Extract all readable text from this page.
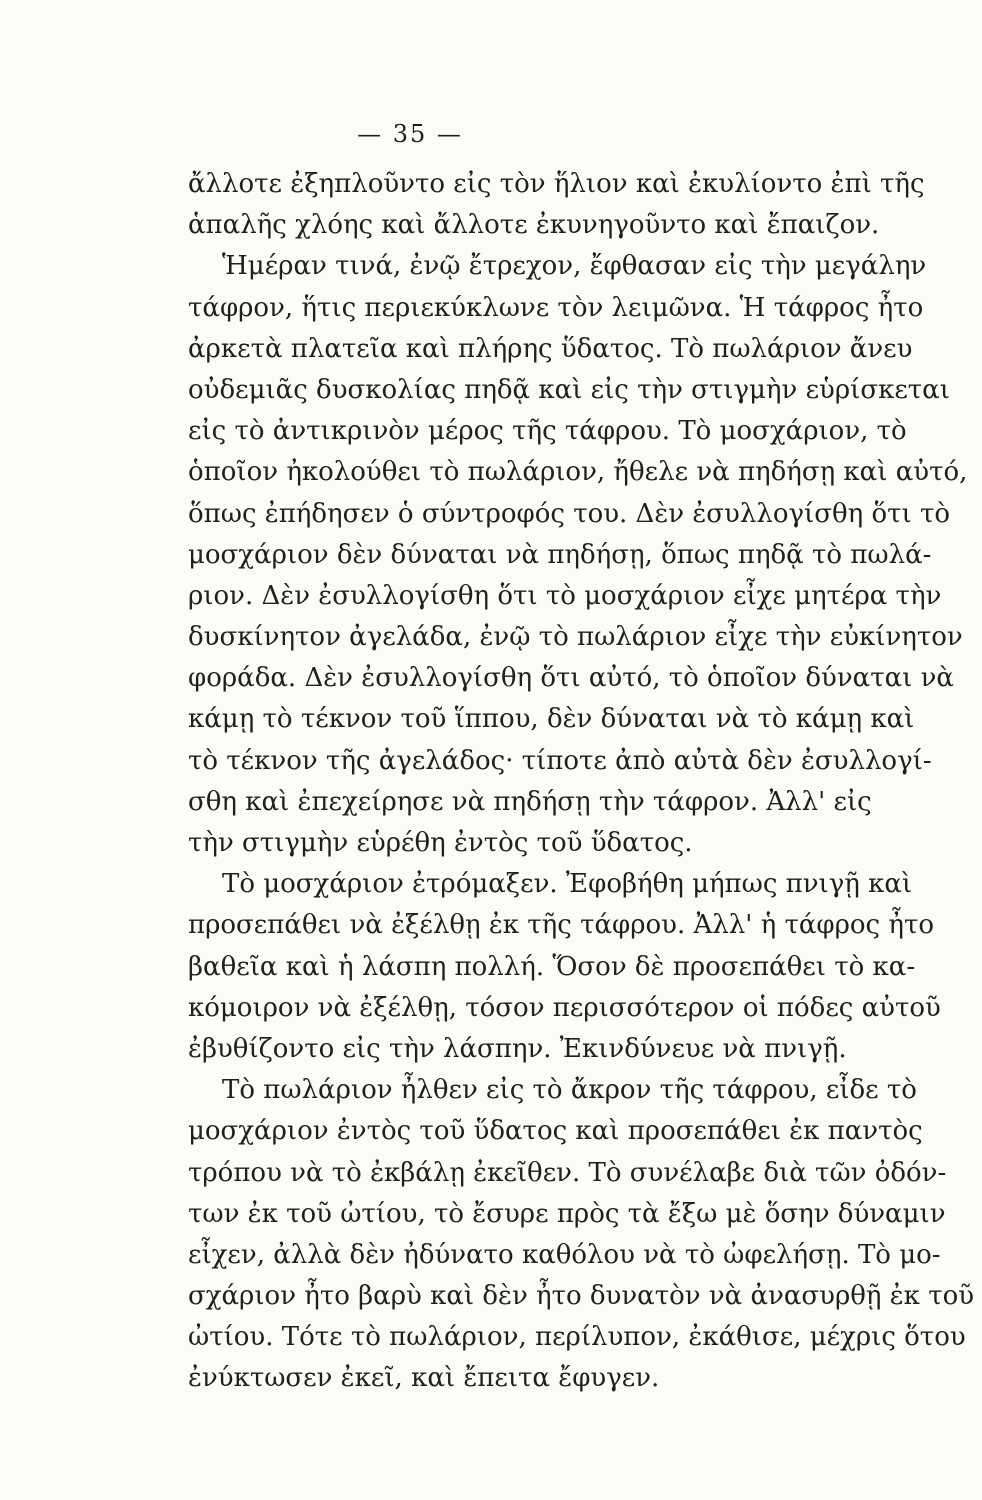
— 35 —
ἄλλοτε ἐξηπλοῦντο εἰς τὸν ἥλιον καὶ ἐκυλίοντο ἐπὶ τῆς
ἁπαλῆς χλόης καὶ ἄλλοτε ἐκυνηγοῦντο καὶ ἔπαιζον.
Ἡμέραν τινά, ἐνῷ ἔτρεχον, ἔφθασαν εἰς τὴν μεγάλην
τάφρον, ἥτις περιεκύκλωνε τὸν λειμῶνα. Ἡ τάφρος ἦτο
ἀρκετὰ πλατεῖα καὶ πλήρης ὕδατος. Τὸ πωλάριον ἄνευ
οὐδεμιᾶς δυσκολίας πηδᾷ καὶ εἰς τὴν στιγμὴν εὑρίσκεται
εἰς τὸ ἀντικρινὸν μέρος τῆς τάφρου. Τὸ μοσχάριον, τὸ
ὁποῖον ἠκολούθει τὸ πωλάριον, ἤθελε νὰ πηδήσῃ καὶ αὐτό,
ὅπως ἐπήδησεν ὁ σύντροφός του. Δὲν ἐσυλλογίσθη ὅτι τὸ
μοσχάριον δὲν δύναται νὰ πηδήσῃ, ὅπως πηδᾷ τὸ πωλά-
ριον. Δὲν ἐσυλλογίσθη ὅτι τὸ μοσχάριον εἶχε μητέρα τὴν
δυσκίνητον ἀγελάδα, ἐνῷ τὸ πωλάριον εἶχε τὴν εὐκίνητον
φοράδα. Δὲν ἐσυλλογίσθη ὅτι αὐτό, τὸ ὁποῖον δύναται νὰ
κάμῃ τὸ τέκνον τοῦ ἵππου, δὲν δύναται νὰ τὸ κάμῃ καὶ
τὸ τέκνον τῆς ἀγελάδος· τίποτε ἀπὸ αὐτὰ δὲν ἐσυλλογί-
σθη καὶ ἐπεχείρησε νὰ πηδήσῃ τὴν τάφρον. Ἀλλ' εἰς
τὴν στιγμὴν εὑρέθη ἐντὸς τοῦ ὕδατος.
Τὸ μοσχάριον ἐτρόμαξεν. Ἐφοβήθη μήπως πνιγῇ καὶ
προσεπάθει νὰ ἐξέλθῃ ἐκ τῆς τάφρου. Ἀλλ' ἡ τάφρος ἦτο
βαθεῖα καὶ ἡ λάσπη πολλή. Ὅσον δὲ προσεπάθει τὸ κα-
κόμοιρον νὰ ἐξέλθῃ, τόσον περισσότερον οἱ πόδες αὐτοῦ
ἐβυθίζοντο εἰς τὴν λάσπην. Ἐκινδύνευε νὰ πνιγῇ.
Τὸ πωλάριον ἦλθεν εἰς τὸ ἄκρον τῆς τάφρου, εἶδε τὸ
μοσχάριον ἐντὸς τοῦ ὕδατος καὶ προσεπάθει ἐκ παντὸς
τρόπου νὰ τὸ ἐκβάλῃ ἐκεῖθεν. Τὸ συνέλαβε διὰ τῶν ὀδόν-
των ἐκ τοῦ ὠτίου, τὸ ἔσυρε πρὸς τὰ ἔξω μὲ ὅσην δύναμιν
εἶχεν, ἀλλὰ δὲν ἠδύνατο καθόλου νὰ τὸ ὠφελήσῃ. Τὸ μο-
σχάριον ἦτο βαρὺ καὶ δὲν ἦτο δυνατὸν νὰ ἀνασυρθῇ ἐκ τοῦ
ὠτίου. Τότε τὸ πωλάριον, περίλυπον, ἐκάθισε, μέχρις ὅτου
ἐνύκτωσεν ἐκεῖ, καὶ ἔπειτα ἔφυγεν.
